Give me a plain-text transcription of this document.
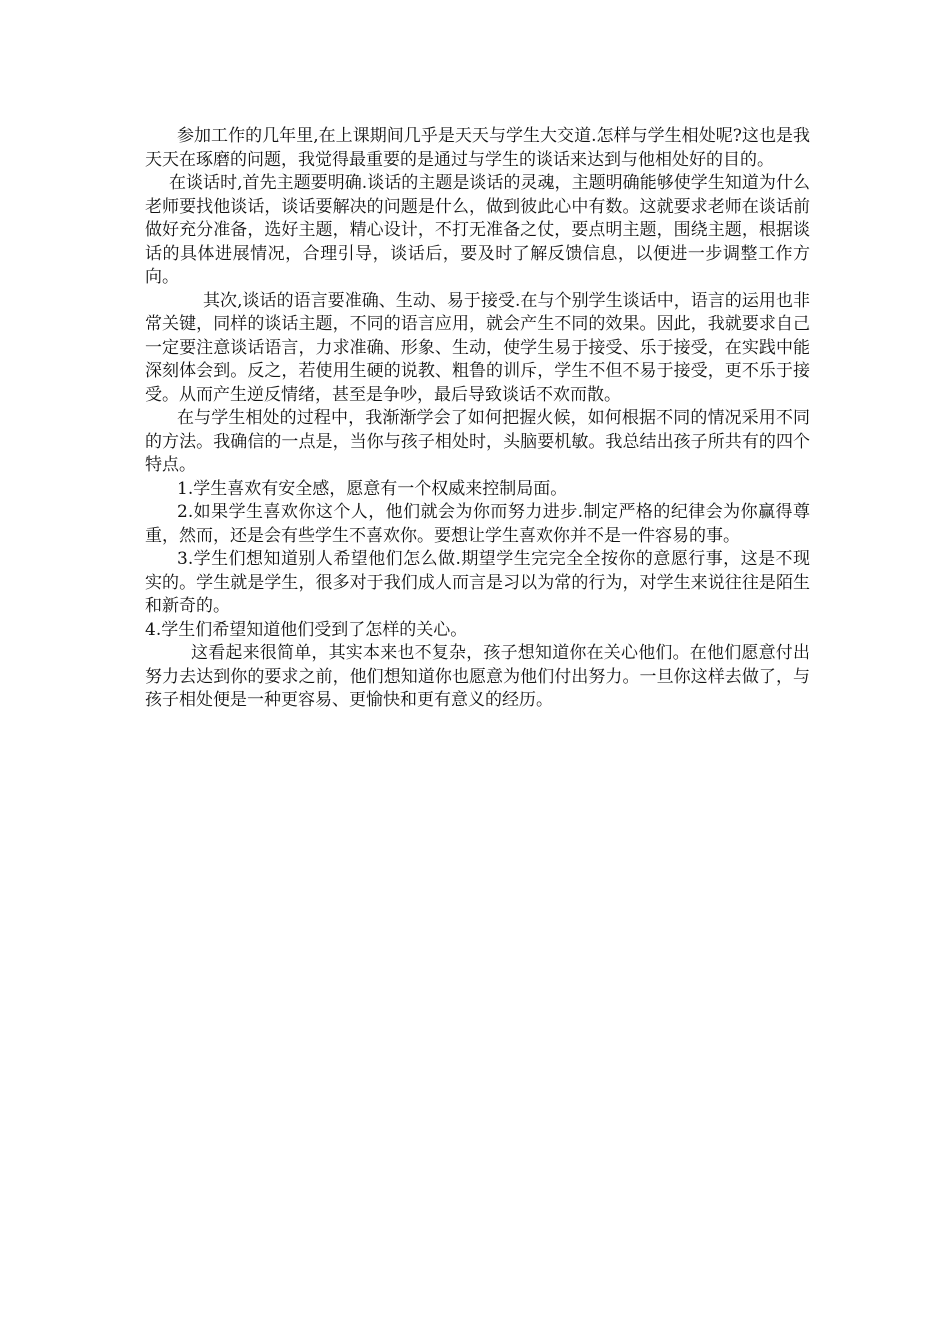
参加工作的几年里,在上课期间几乎是天天与学生大交道.怎样与学生相处呢?这也是我天天在琢磨的问题，我觉得最重要的是通过与学生的谈话来达到与他相处好的目的。

在谈话时,首先主题要明确.谈话的主题是谈话的灵魂，主题明确能够使学生知道为什么老师要找他谈话，谈话要解决的问题是什么，做到彼此心中有数。这就要求老师在谈话前做好充分准备，选好主题，精心设计，不打无准备之仗，要点明主题，围绕主题，根据谈话的具体进展情况，合理引导，谈话后，要及时了解反馈信息，以便进一步调整工作方向。

其次,谈话的语言要准确、生动、易于接受.在与个别学生谈话中，语言的运用也非常关键，同样的谈话主题，不同的语言应用，就会产生不同的效果。因此，我就要求自己一定要注意谈话语言，力求准确、形象、生动，使学生易于接受、乐于接受，在实践中能深刻体会到。反之，若使用生硬的说教、粗鲁的训斥，学生不但不易于接受，更不乐于接受。从而产生逆反情绪，甚至是争吵，最后导致谈话不欢而散。

在与学生相处的过程中，我渐渐学会了如何把握火候，如何根据不同的情况采用不同的方法。我确信的一点是，当你与孩子相处时，头脑要机敏。我总结出孩子所共有的四个特点。

1.学生喜欢有安全感，愿意有一个权威来控制局面。

2.如果学生喜欢你这个人，他们就会为你而努力进步.制定严格的纪律会为你赢得尊重，然而，还是会有些学生不喜欢你。要想让学生喜欢你并不是一件容易的事。

3.学生们想知道别人希望他们怎么做.期望学生完完全全按你的意愿行事，这是不现实的。学生就是学生，很多对于我们成人而言是习以为常的行为，对学生来说往往是陌生和新奇的。

4.学生们希望知道他们受到了怎样的关心。

这看起来很简单，其实本来也不复杂，孩子想知道你在关心他们。在他们愿意付出努力去达到你的要求之前，他们想知道你也愿意为他们付出努力。一旦你这样去做了，与孩子相处便是一种更容易、更愉快和更有意义的经历。
